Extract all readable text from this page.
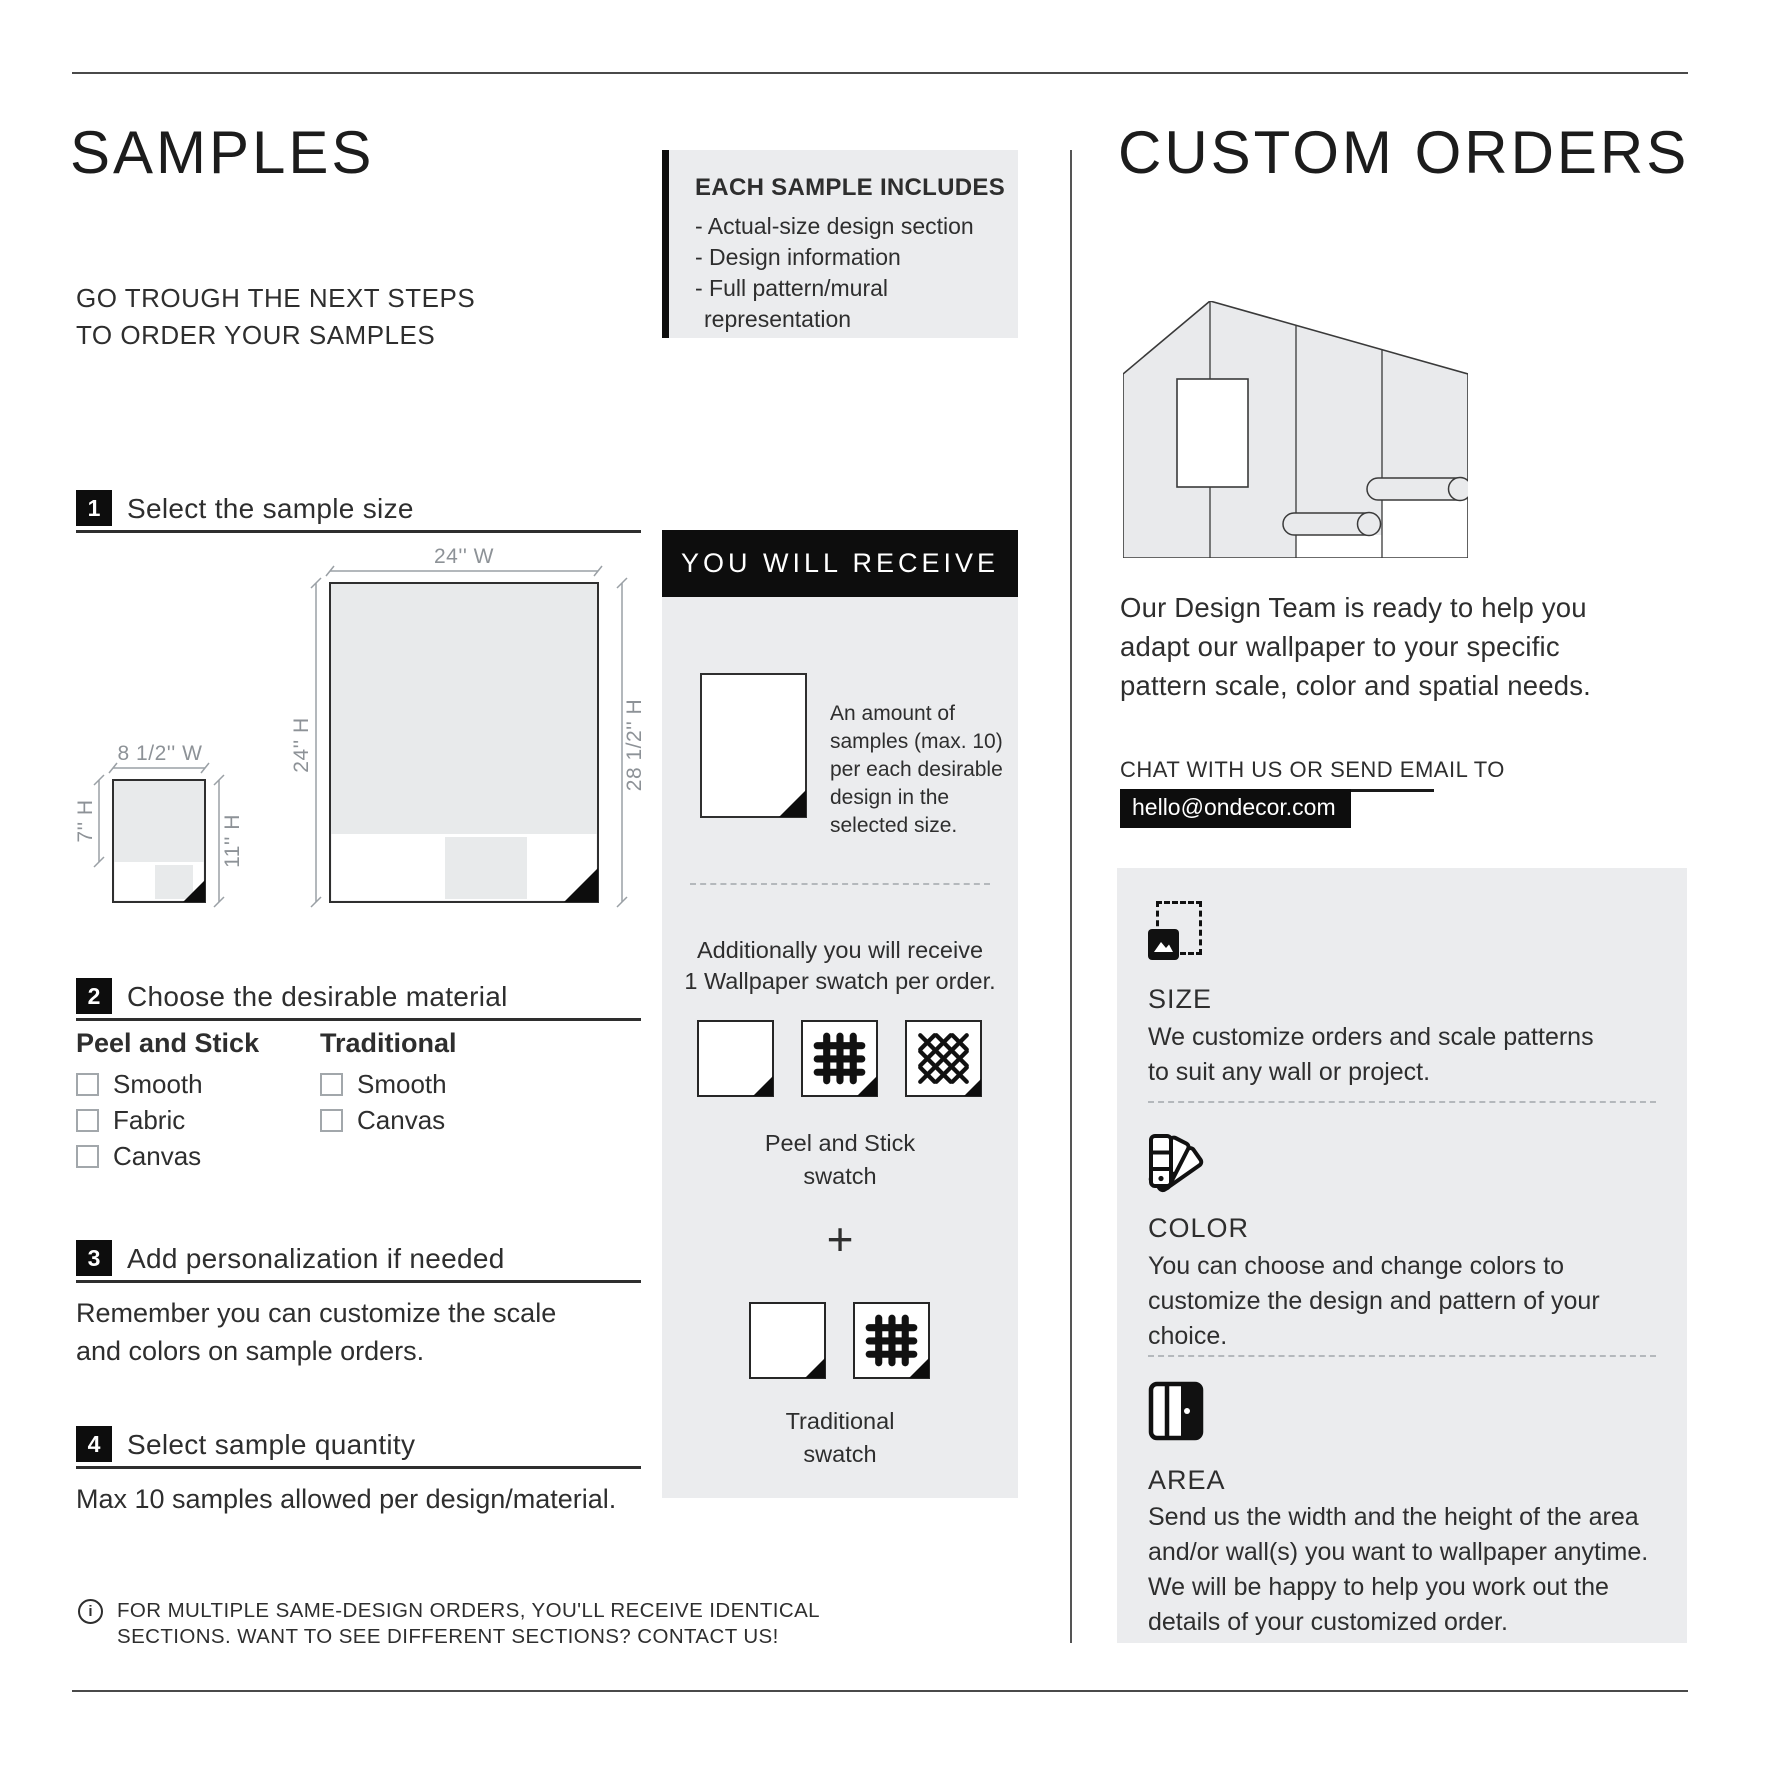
SAMPLES
GO TROUGH THE NEXT STEPS
TO ORDER YOUR SAMPLES
EACH SAMPLE INCLUDES
- Actual-size design section
- Design information
- Full pattern/mural
representation
1 Select the sample size
24'' W
24'' H	28 1/2'' H
8 1/2'' W
7'' H	11'' H
2 Choose the desirable material
Peel and Stick Traditional
Smooth
Fabric
Canvas
Smooth
Canvas
3 Add personalization if needed
Remember you can customize the scale
and colors on sample orders.
4 Select sample quantity
Max 10 samples allowed per design/material.
i	FOR MULTIPLE SAME-DESIGN ORDERS, YOU'LL RECEIVE IDENTICAL
SECTIONS. WANT TO SEE DIFFERENT SECTIONS? CONTACT US!
YOU WILL RECEIVE
An amount of
samples (max. 10)
per each desirable
design in the
selected size.
Additionally you will receive
1 Wallpaper swatch per order.
Peel and Stick
swatch
+
Traditional
swatch
CUSTOM ORDERS
Our Design Team is ready to help you
adapt our wallpaper to your specific
pattern scale, color and spatial needs.
CHAT WITH US OR SEND EMAIL TO
hello@ondecor.com
SIZE
We customize orders and scale patterns
to suit any wall or project.
COLOR
You can choose and change colors to
customize the design and pattern of your
choice.
AREA
Send us the width and the height of the area
and/or wall(s) you want to wallpaper anytime.
We will be happy to help you work out the
details of your customized order.
